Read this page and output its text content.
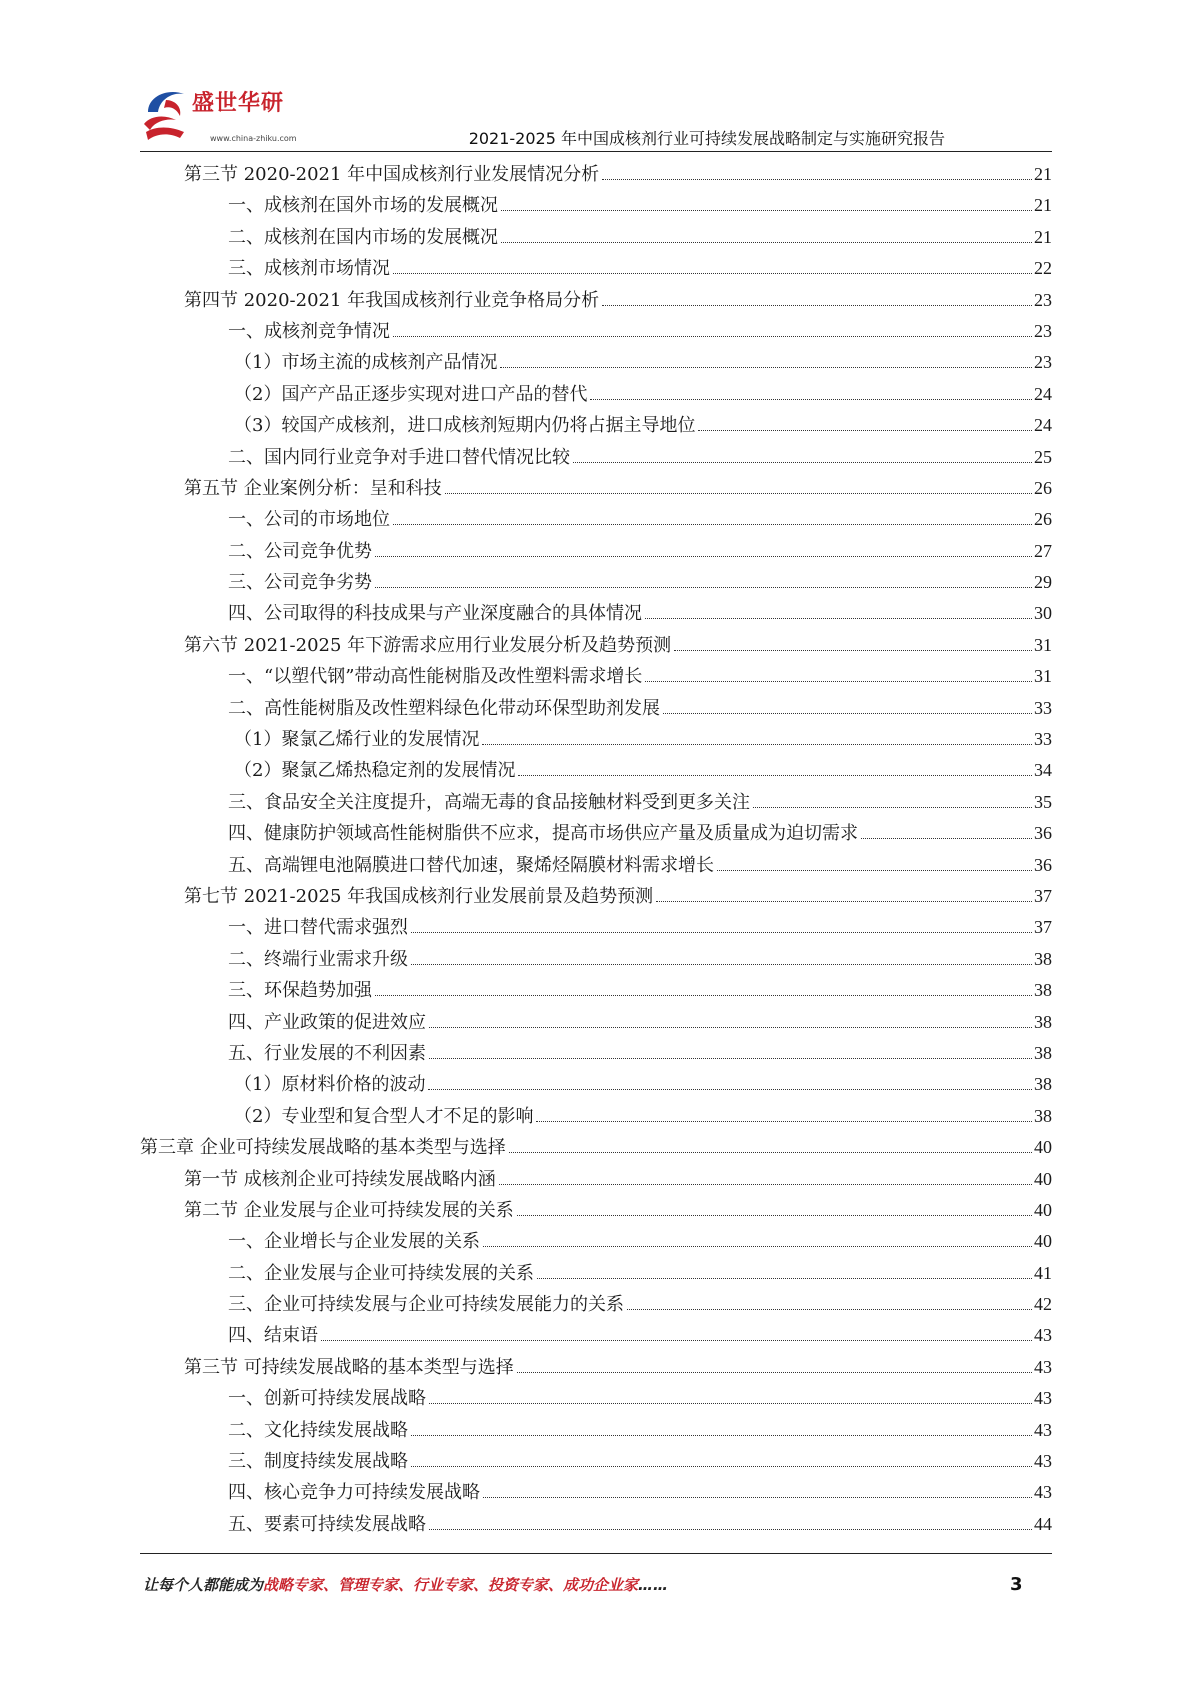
盛世华研
www.china-zhiku.com	2021-2025 年中国成核剂行业可持续发展战略制定与实施研究报告
第三节 2020-2021 年中国成核剂行业发展情况分析	21
一、成核剂在国外市场的发展概况	21
二、成核剂在国内市场的发展概况	21
三、成核剂市场情况	22
第四节 2020-2021 年我国成核剂行业竞争格局分析	23
一、成核剂竞争情况	23
（1）市场主流的成核剂产品情况	23
（2）国产产品正逐步实现对进口产品的替代	24
（3）较国产成核剂，进口成核剂短期内仍将占据主导地位	24
二、国内同行业竞争对手进口替代情况比较	25
第五节 企业案例分析：呈和科技	26
一、公司的市场地位	26
二、公司竞争优势	27
三、公司竞争劣势	29
四、公司取得的科技成果与产业深度融合的具体情况	30
第六节 2021-2025 年下游需求应用行业发展分析及趋势预测	31
一、“以塑代钢”带动高性能树脂及改性塑料需求增长	31
二、高性能树脂及改性塑料绿色化带动环保型助剂发展	33
（1）聚氯乙烯行业的发展情况	33
（2）聚氯乙烯热稳定剂的发展情况	34
三、食品安全关注度提升，高端无毒的食品接触材料受到更多关注	35
四、健康防护领域高性能树脂供不应求，提高市场供应产量及质量成为迫切需求	36
五、高端锂电池隔膜进口替代加速，聚烯烃隔膜材料需求增长	36
第七节 2021-2025 年我国成核剂行业发展前景及趋势预测	37
一、进口替代需求强烈	37
二、终端行业需求升级	38
三、环保趋势加强	38
四、产业政策的促进效应	38
五、行业发展的不利因素	38
（1）原材料价格的波动	38
（2）专业型和复合型人才不足的影响	38
第三章 企业可持续发展战略的基本类型与选择	40
第一节 成核剂企业可持续发展战略内涵	40
第二节 企业发展与企业可持续发展的关系	40
一、企业增长与企业发展的关系	40
二、企业发展与企业可持续发展的关系	41
三、企业可持续发展与企业可持续发展能力的关系	42
四、结束语	43
第三节 可持续发展战略的基本类型与选择	43
一、创新可持续发展战略	43
二、文化持续发展战略	43
三、制度持续发展战略	43
四、核心竞争力可持续发展战略	43
五、要素可持续发展战略	44
让每个人都能成为战略专家、管理专家、行业专家、投资专家、成功企业家……	3
